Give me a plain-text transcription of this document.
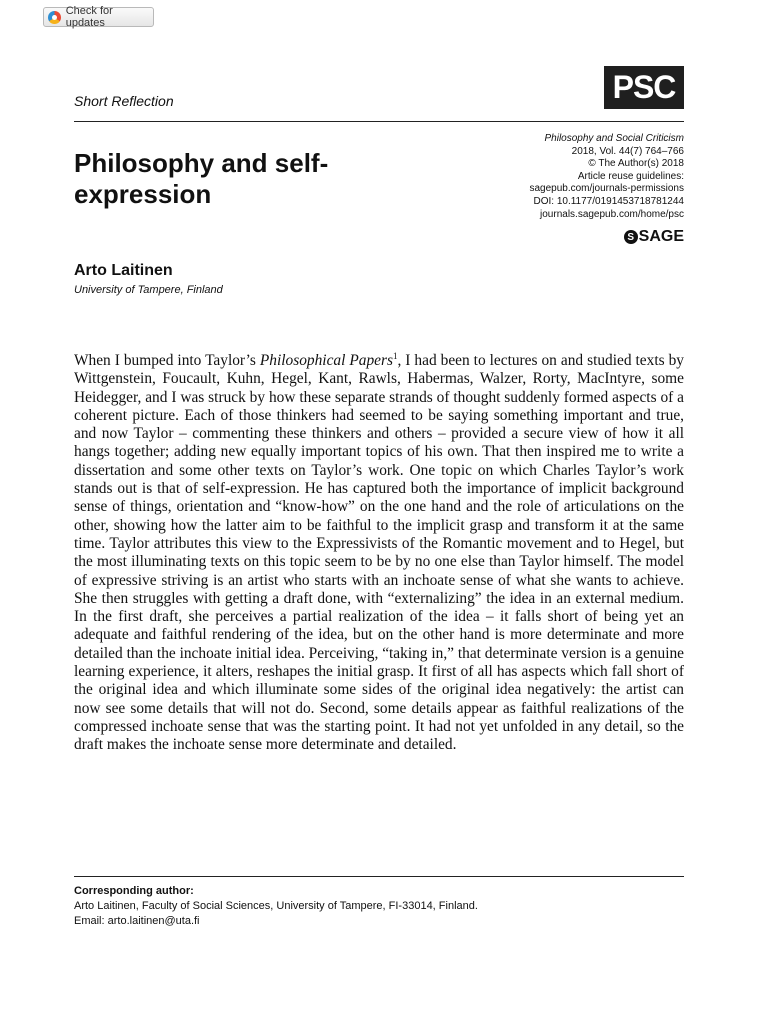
Check for updates
Short Reflection	PSC
Philosophy and self-expression
Philosophy and Social Criticism
2018, Vol. 44(7) 764–766
© The Author(s) 2018
Article reuse guidelines:
sagepub.com/journals-permissions
DOI: 10.1177/0191453718781244
journals.sagepub.com/home/psc
S SAGE
Arto Laitinen
University of Tampere, Finland

When I bumped into Taylor’s Philosophical Papers$^1$, I had been to lectures on and studied texts by Wittgenstein, Foucault, Kuhn, Hegel, Kant, Rawls, Habermas, Walzer, Rorty, MacIntyre, some Heidegger, and I was struck by how these separate strands of thought suddenly formed aspects of a coherent picture. Each of those thinkers had seemed to be saying something important and true, and now Taylor – commenting these thinkers and others – provided a secure view of how it all hangs together; adding new equally important topics of his own. That then inspired me to write a dissertation and some other texts on Taylor’s work. One topic on which Charles Taylor’s work stands out is that of self-expression. He has captured both the importance of implicit background sense of things, orientation and “know-how” on the one hand and the role of articulations on the other, showing how the latter aim to be faithful to the implicit grasp and transform it at the same time. Taylor attributes this view to the Expressivists of the Romantic movement and to Hegel, but the most illuminating texts on this topic seem to be by no one else than Taylor himself. The model of expressive striving is an artist who starts with an inchoate sense of what she wants to achieve. She then struggles with getting a draft done, with “externalizing” the idea in an external medium. In the first draft, she perceives a partial realization of the idea – it falls short of being yet an adequate and faithful rendering of the idea, but on the other hand is more determinate and more detailed than the inchoate initial idea. Perceiving, “taking in,” that determinate version is a genuine learning experience, it alters, reshapes the initial grasp. It first of all has aspects which fall short of the original idea and which illuminate some sides of the original idea negatively: the artist can now see some details that will not do. Second, some details appear as faithful realizations of the compressed inchoate sense that was the starting point. It had not yet unfolded in any detail, so the draft makes the inchoate sense more determinate and detailed.

Corresponding author:
Arto Laitinen, Faculty of Social Sciences, University of Tampere, FI-33014, Finland.
Email: arto.laitinen@uta.fi
